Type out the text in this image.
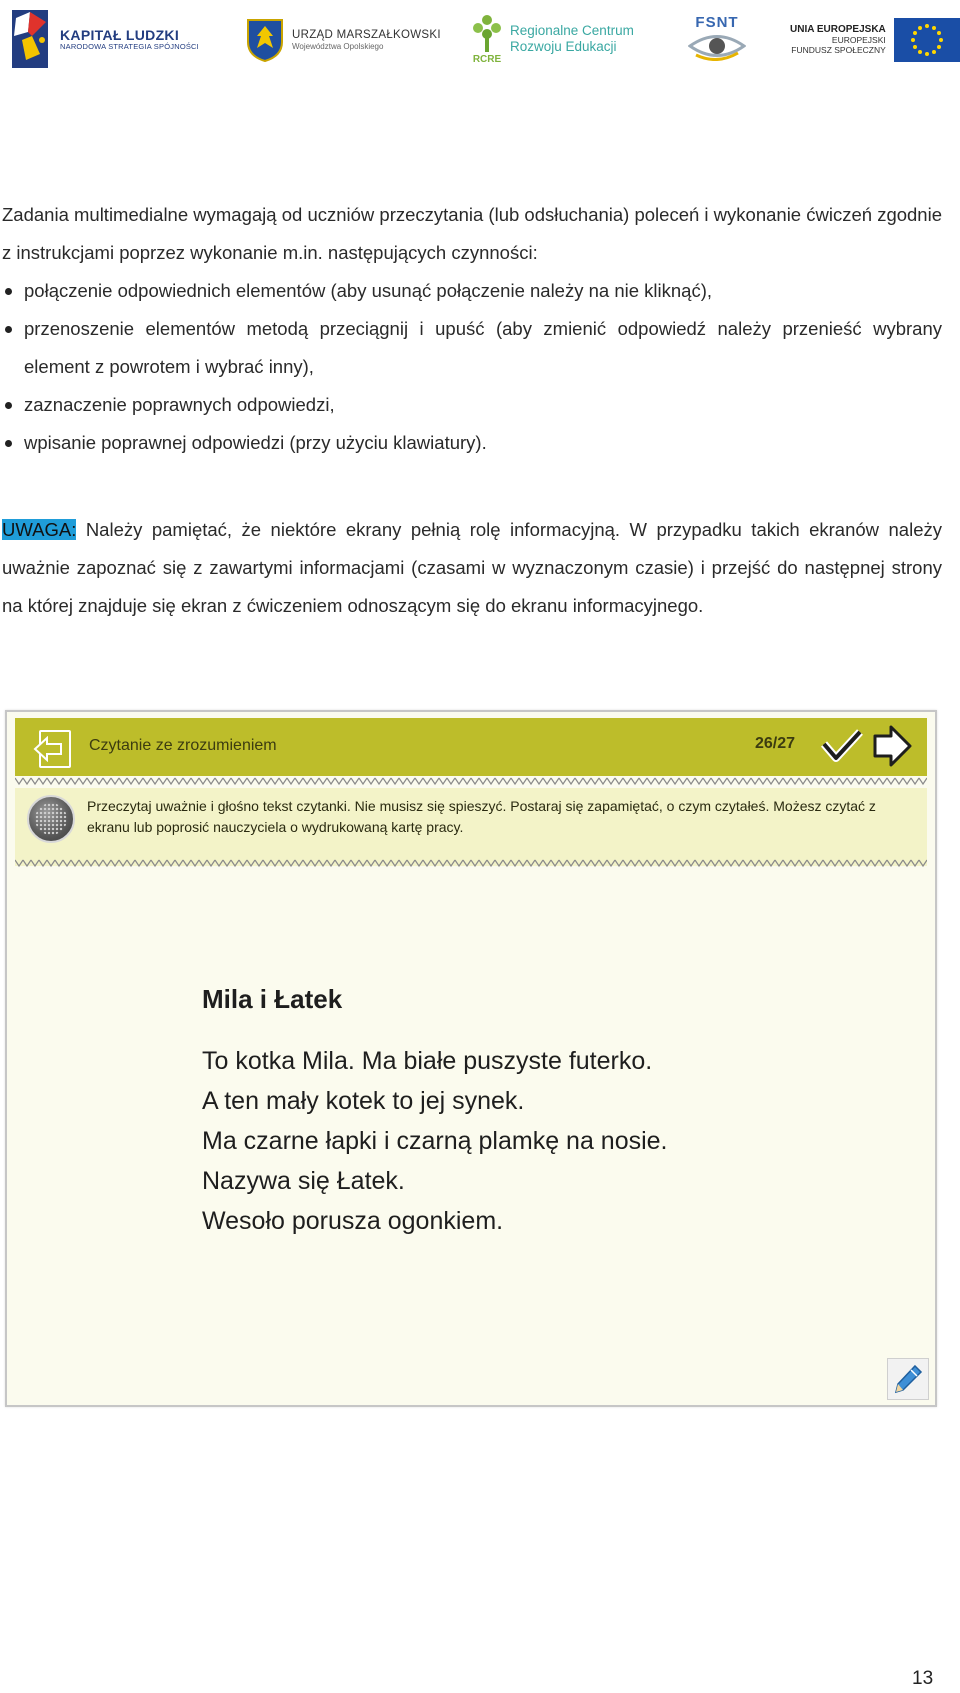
KAPITAŁ LUDZKI
NARODOWA STRATEGIA SPÓJNOŚCI
URZĄD MARSZAŁKOWSKI
Województwa Opolskiego
RCRE
Regionalne Centrum
Rozwoju Edukacji
FSNT	UNIA EUROPEJSKA
EUROPEJSKI
FUNDUSZ SPOŁECZNY

Zadania multimedialne wymagają od uczniów przeczytania (lub odsłuchania) poleceń i wykonanie ćwiczeń zgodnie z instrukcjami poprzez wykonanie m.in. następujących czynności:

połączenie odpowiednich elementów (aby usunąć połączenie należy na nie kliknąć),
przenoszenie elementów metodą przeciągnij i upuść (aby zmienić odpowiedź należy przenieść wybrany element z powrotem i wybrać inny),
zaznaczenie poprawnych odpowiedzi,
wpisanie poprawnej odpowiedzi (przy użyciu klawiatury).

UWAGA: Należy pamiętać, że niektóre ekrany pełnią rolę informacyjną. W przypadku takich ekranów należy uważnie zapoznać się z zawartymi informacjami (czasami w wyznaczonym czasie) i przejść do następnej strony na której znajduje się ekran z ćwiczeniem odnoszącym się do ekranu informacyjnego.

Czytanie ze zrozumieniem	26/27
Przeczytaj uważnie i głośno tekst czytanki. Nie musisz się spieszyć. Postaraj się zapamiętać, o czym czytałeś. Możesz czytać z ekranu lub poprosić nauczyciela o wydrukowaną kartę pracy.
Mila i Łatek
To kotka Mila. Ma białe puszyste futerko.
A ten mały kotek to jej synek.
Ma czarne łapki i czarną plamkę na nosie.
Nazywa się Łatek.
Wesoło porusza ogonkiem.
13
